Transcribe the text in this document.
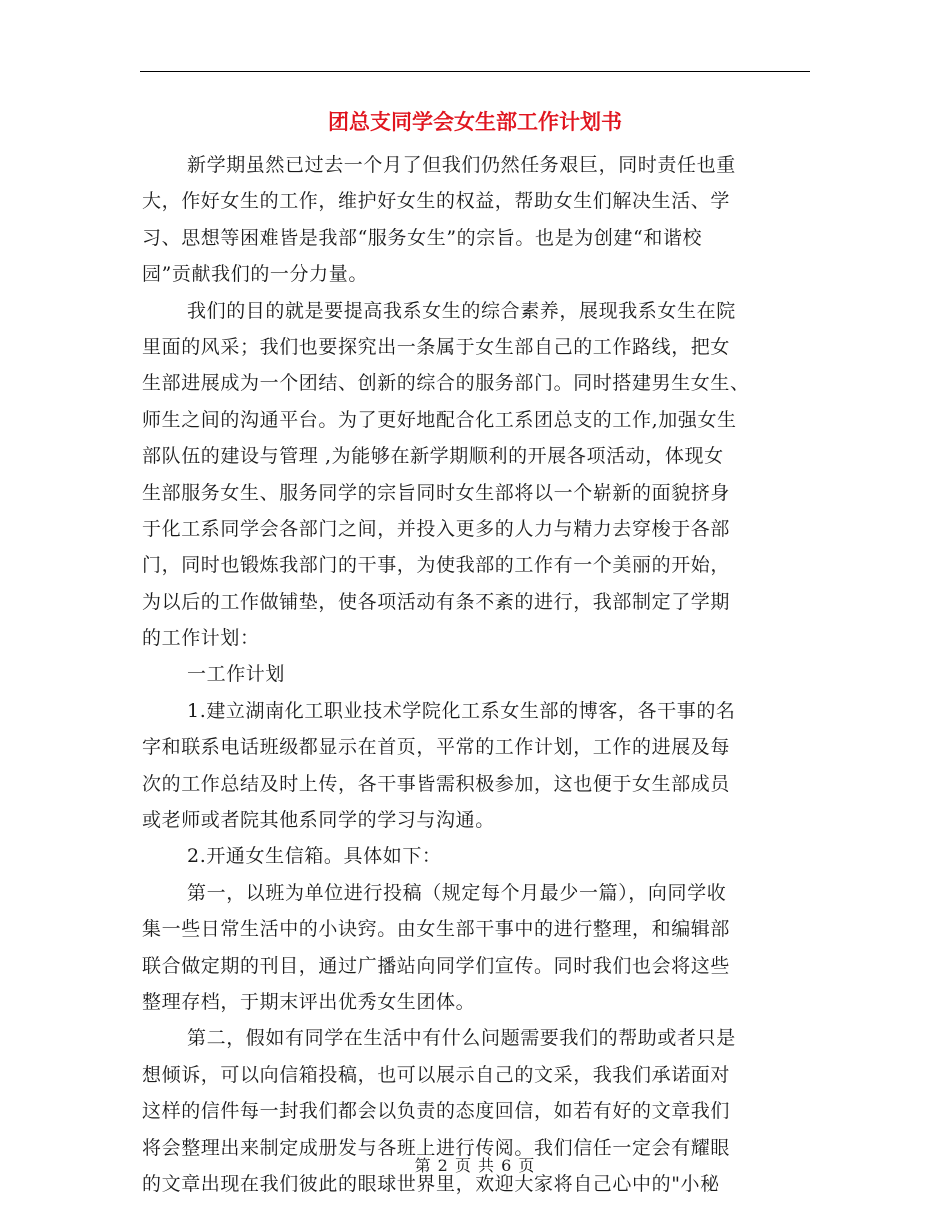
团总支同学会女生部工作计划书
新学期虽然已过去一个月了但我们仍然任务艰巨，同时责任也重
大，作好女生的工作，维护好女生的权益，帮助女生们解决生活、学
习、思想等困难皆是我部“服务女生”的宗旨。也是为创建“和谐校
园”贡献我们的一分力量。
我们的目的就是要提高我系女生的综合素养，展现我系女生在院
里面的风采；我们也要探究出一条属于女生部自己的工作路线，把女
生部进展成为一个团结、创新的综合的服务部门。同时搭建男生女生、
师生之间的沟通平台。为了更好地配合化工系团总支的工作,加强女生
部队伍的建设与管理 ,为能够在新学期顺利的开展各项活动，体现女
生部服务女生、服务同学的宗旨同时女生部将以一个崭新的面貌挤身
于化工系同学会各部门之间，并投入更多的人力与精力去穿梭于各部
门，同时也锻炼我部门的干事，为使我部的工作有一个美丽的开始，
为以后的工作做铺垫，使各项活动有条不紊的进行，我部制定了学期
的工作计划：
一工作计划
1.建立湖南化工职业技术学院化工系女生部的博客，各干事的名
字和联系电话班级都显示在首页，平常的工作计划，工作的进展及每
次的工作总结及时上传，各干事皆需积极参加，这也便于女生部成员
或老师或者院其他系同学的学习与沟通。
2.开通女生信箱。具体如下：
第一，以班为单位进行投稿（规定每个月最少一篇），向同学收
集一些日常生活中的小诀窍。由女生部干事中的进行整理，和编辑部
联合做定期的刊目，通过广播站向同学们宣传。同时我们也会将这些
整理存档，于期末评出优秀女生团体。
第二，假如有同学在生活中有什么问题需要我们的帮助或者只是
想倾诉，可以向信箱投稿，也可以展示自己的文采，我我们承诺面对
这样的信件每一封我们都会以负责的态度回信，如若有好的文章我们
将会整理出来制定成册发与各班上进行传阅。我们信任一定会有耀眼
的文章出现在我们彼此的眼球世界里，欢迎大家将自己心中的"小秘
第 2 页 共 6 页
